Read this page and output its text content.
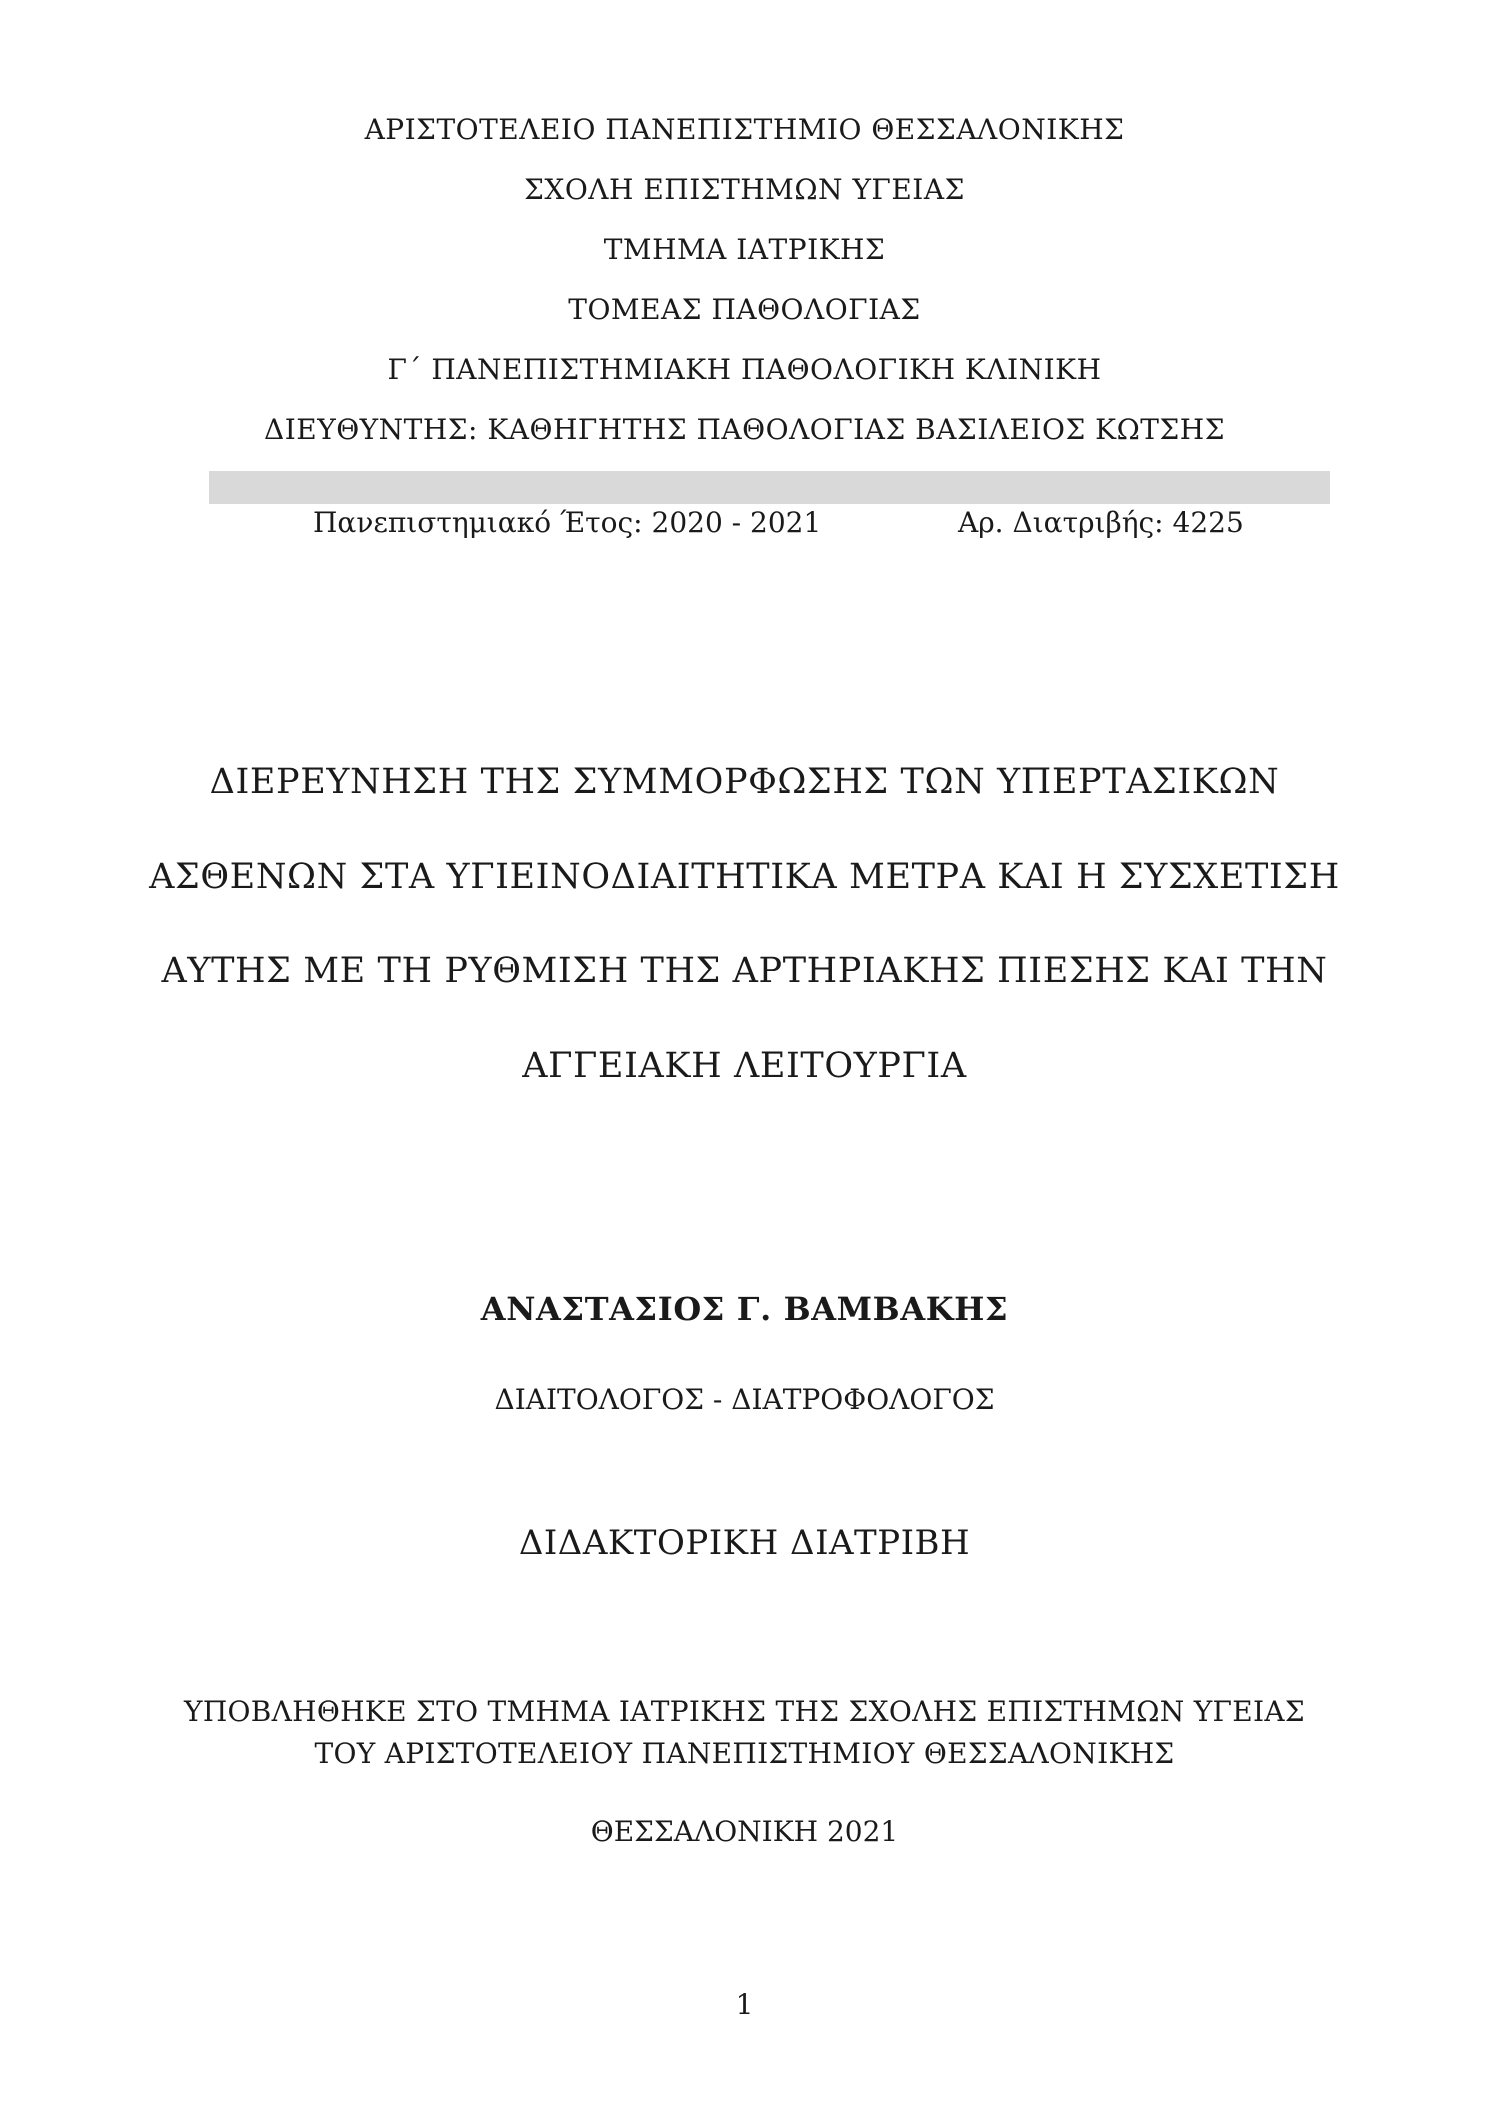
ΑΡΙΣΤΟΤΕΛΕΙΟ ΠΑΝΕΠΙΣΤΗΜΙΟ ΘΕΣΣΑΛΟΝΙΚΗΣ
ΣΧΟΛΗ ΕΠΙΣΤΗΜΩΝ ΥΓΕΙΑΣ
ΤΜΗΜΑ ΙΑΤΡΙΚΗΣ
ΤΟΜΕΑΣ ΠΑΘΟΛΟΓΙΑΣ
Γ΄ ΠΑΝΕΠΙΣΤΗΜΙΑΚΗ ΠΑΘΟΛΟΓΙΚΗ ΚΛΙΝΙΚΗ
ΔΙΕΥΘΥΝΤΗΣ: ΚΑΘΗΓΗΤΗΣ ΠΑΘΟΛΟΓΙΑΣ ΒΑΣΙΛΕΙΟΣ ΚΩΤΣΗΣ
Πανεπιστημιακό Έτος: 2020 - 2021	Αρ. Διατριβής: 4225
ΔΙΕΡΕΥΝΗΣΗ ΤΗΣ ΣΥΜΜΟΡΦΩΣΗΣ ΤΩΝ ΥΠΕΡΤΑΣΙΚΩΝ
ΑΣΘΕΝΩΝ ΣΤΑ ΥΓΙΕΙΝΟΔΙΑΙΤΗΤΙΚΑ ΜΕΤΡΑ ΚΑΙ Η ΣΥΣΧΕΤΙΣΗ
ΑΥΤΗΣ ΜΕ ΤΗ ΡΥΘΜΙΣΗ ΤΗΣ ΑΡΤΗΡΙΑΚΗΣ ΠΙΕΣΗΣ ΚΑΙ ΤΗΝ
ΑΓΓΕΙΑΚΗ ΛΕΙΤΟΥΡΓΙΑ
ΑΝΑΣΤΑΣΙΟΣ Γ. ΒΑΜΒΑΚΗΣ
ΔΙΑΙΤΟΛΟΓΟΣ - ΔΙΑΤΡΟΦΟΛΟΓΟΣ
ΔΙΔΑΚΤΟΡΙΚΗ ΔΙΑΤΡΙΒΗ
ΥΠΟΒΛΗΘΗΚΕ ΣΤΟ ΤΜΗΜΑ ΙΑΤΡΙΚΗΣ ΤΗΣ ΣΧΟΛΗΣ ΕΠΙΣΤΗΜΩΝ ΥΓΕΙΑΣ
ΤΟΥ ΑΡΙΣΤΟΤΕΛΕΙΟΥ ΠΑΝΕΠΙΣΤΗΜΙΟΥ ΘΕΣΣΑΛΟΝΙΚΗΣ
ΘΕΣΣΑΛΟΝΙΚΗ 2021
1
